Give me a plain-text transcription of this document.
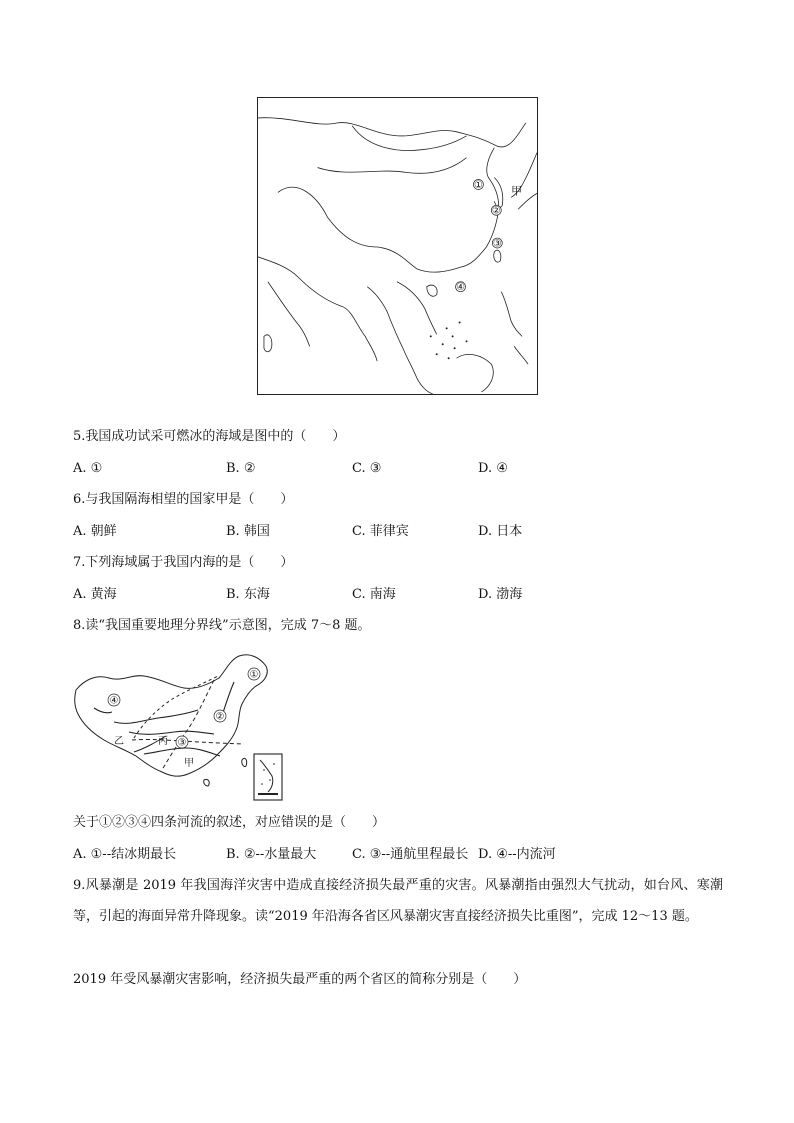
①
②
③
④
甲
5.我国成功试采可燃冰的海域是图中的（　　）
A. ①	B. ②	C. ③	D. ④
6.与我国隔海相望的国家甲是（　　）
A. 朝鲜	B. 韩国	C. 菲律宾	D. 日本
7.下列海域属于我国内海的是（　　）
A. 黄海	B. 东海	C. 南海	D. 渤海
8.读“我国重要地理分界线”示意图，完成 7～8 题。
①
②
③
④
乙	丙
甲
关于①②③④四条河流的叙述，对应错误的是（　　）
A. ①--结冰期最长	B. ②--水量最大	C. ③--通航里程最长 D. ④--内流河
9.风暴潮是 2019 年我国海洋灾害中造成直接经济损失最严重的灾害。风暴潮指由强烈大气扰动，如台风、寒潮等，引起的海面异常升降现象。读“2019 年沿海各省区风暴潮灾害直接经济损失比重图”，完成 12～13 题。
2019 年受风暴潮灾害影响，经济损失最严重的两个省区的简称分别是（　　）
